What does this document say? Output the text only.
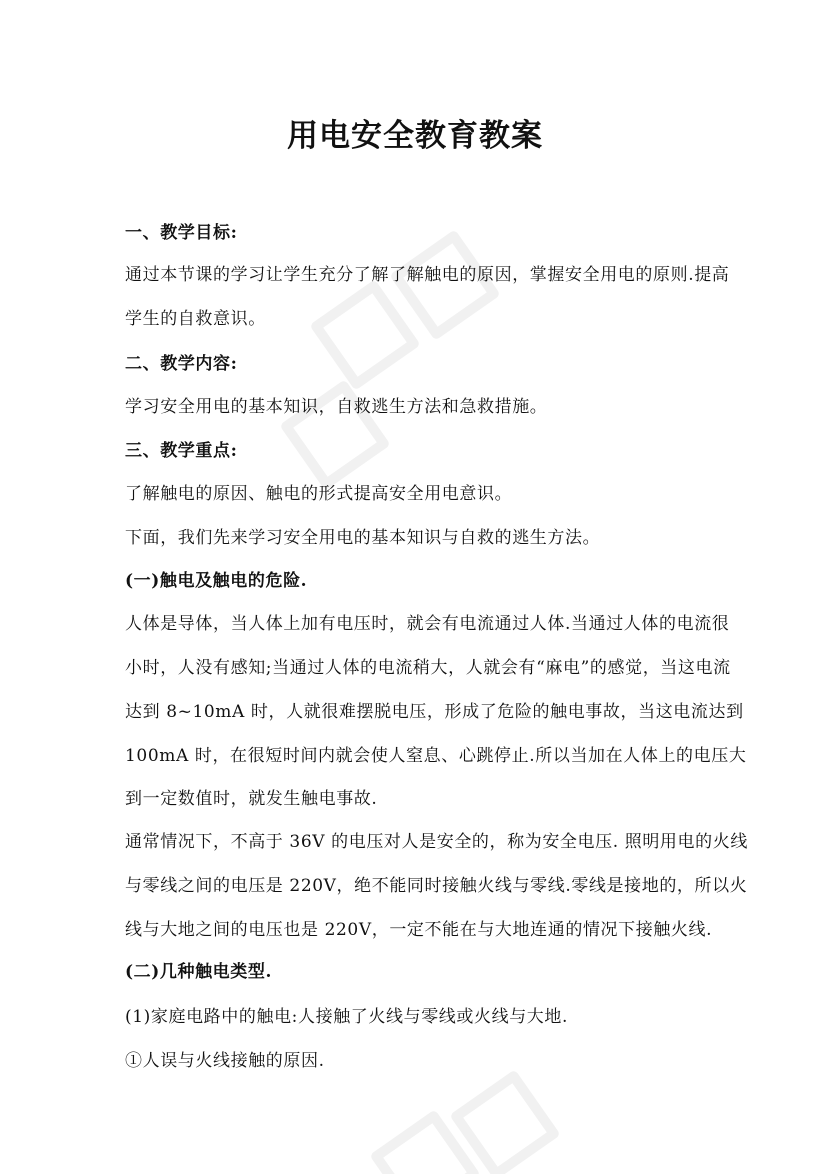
用电安全教育教案
一、教学目标:
通过本节课的学习让学生充分了解了解触电的原因，掌握安全用电的原则.提高
学生的自救意识。
二、教学内容:
学习安全用电的基本知识，自救逃生方法和急救措施。
三、教学重点:
了解触电的原因、触电的形式提高安全用电意识。
下面，我们先来学习安全用电的基本知识与自救的逃生方法。
(一)触电及触电的危险.
人体是导体，当人体上加有电压时，就会有电流通过人体.当通过人体的电流很
小时，人没有感知;当通过人体的电流稍大，人就会有“麻电”的感觉，当这电流
达到 8~10mA 时，人就很难摆脱电压，形成了危险的触电事故，当这电流达到
100mA 时，在很短时间内就会使人窒息、心跳停止.所以当加在人体上的电压大
到一定数值时，就发生触电事故.
通常情况下，不高于 36V 的电压对人是安全的，称为安全电压. 照明用电的火线
与零线之间的电压是 220V，绝不能同时接触火线与零线.零线是接地的，所以火
线与大地之间的电压也是 220V，一定不能在与大地连通的情况下接触火线.
(二)几种触电类型.
(1)家庭电路中的触电:人接触了火线与零线或火线与大地.
①人误与火线接触的原因.
